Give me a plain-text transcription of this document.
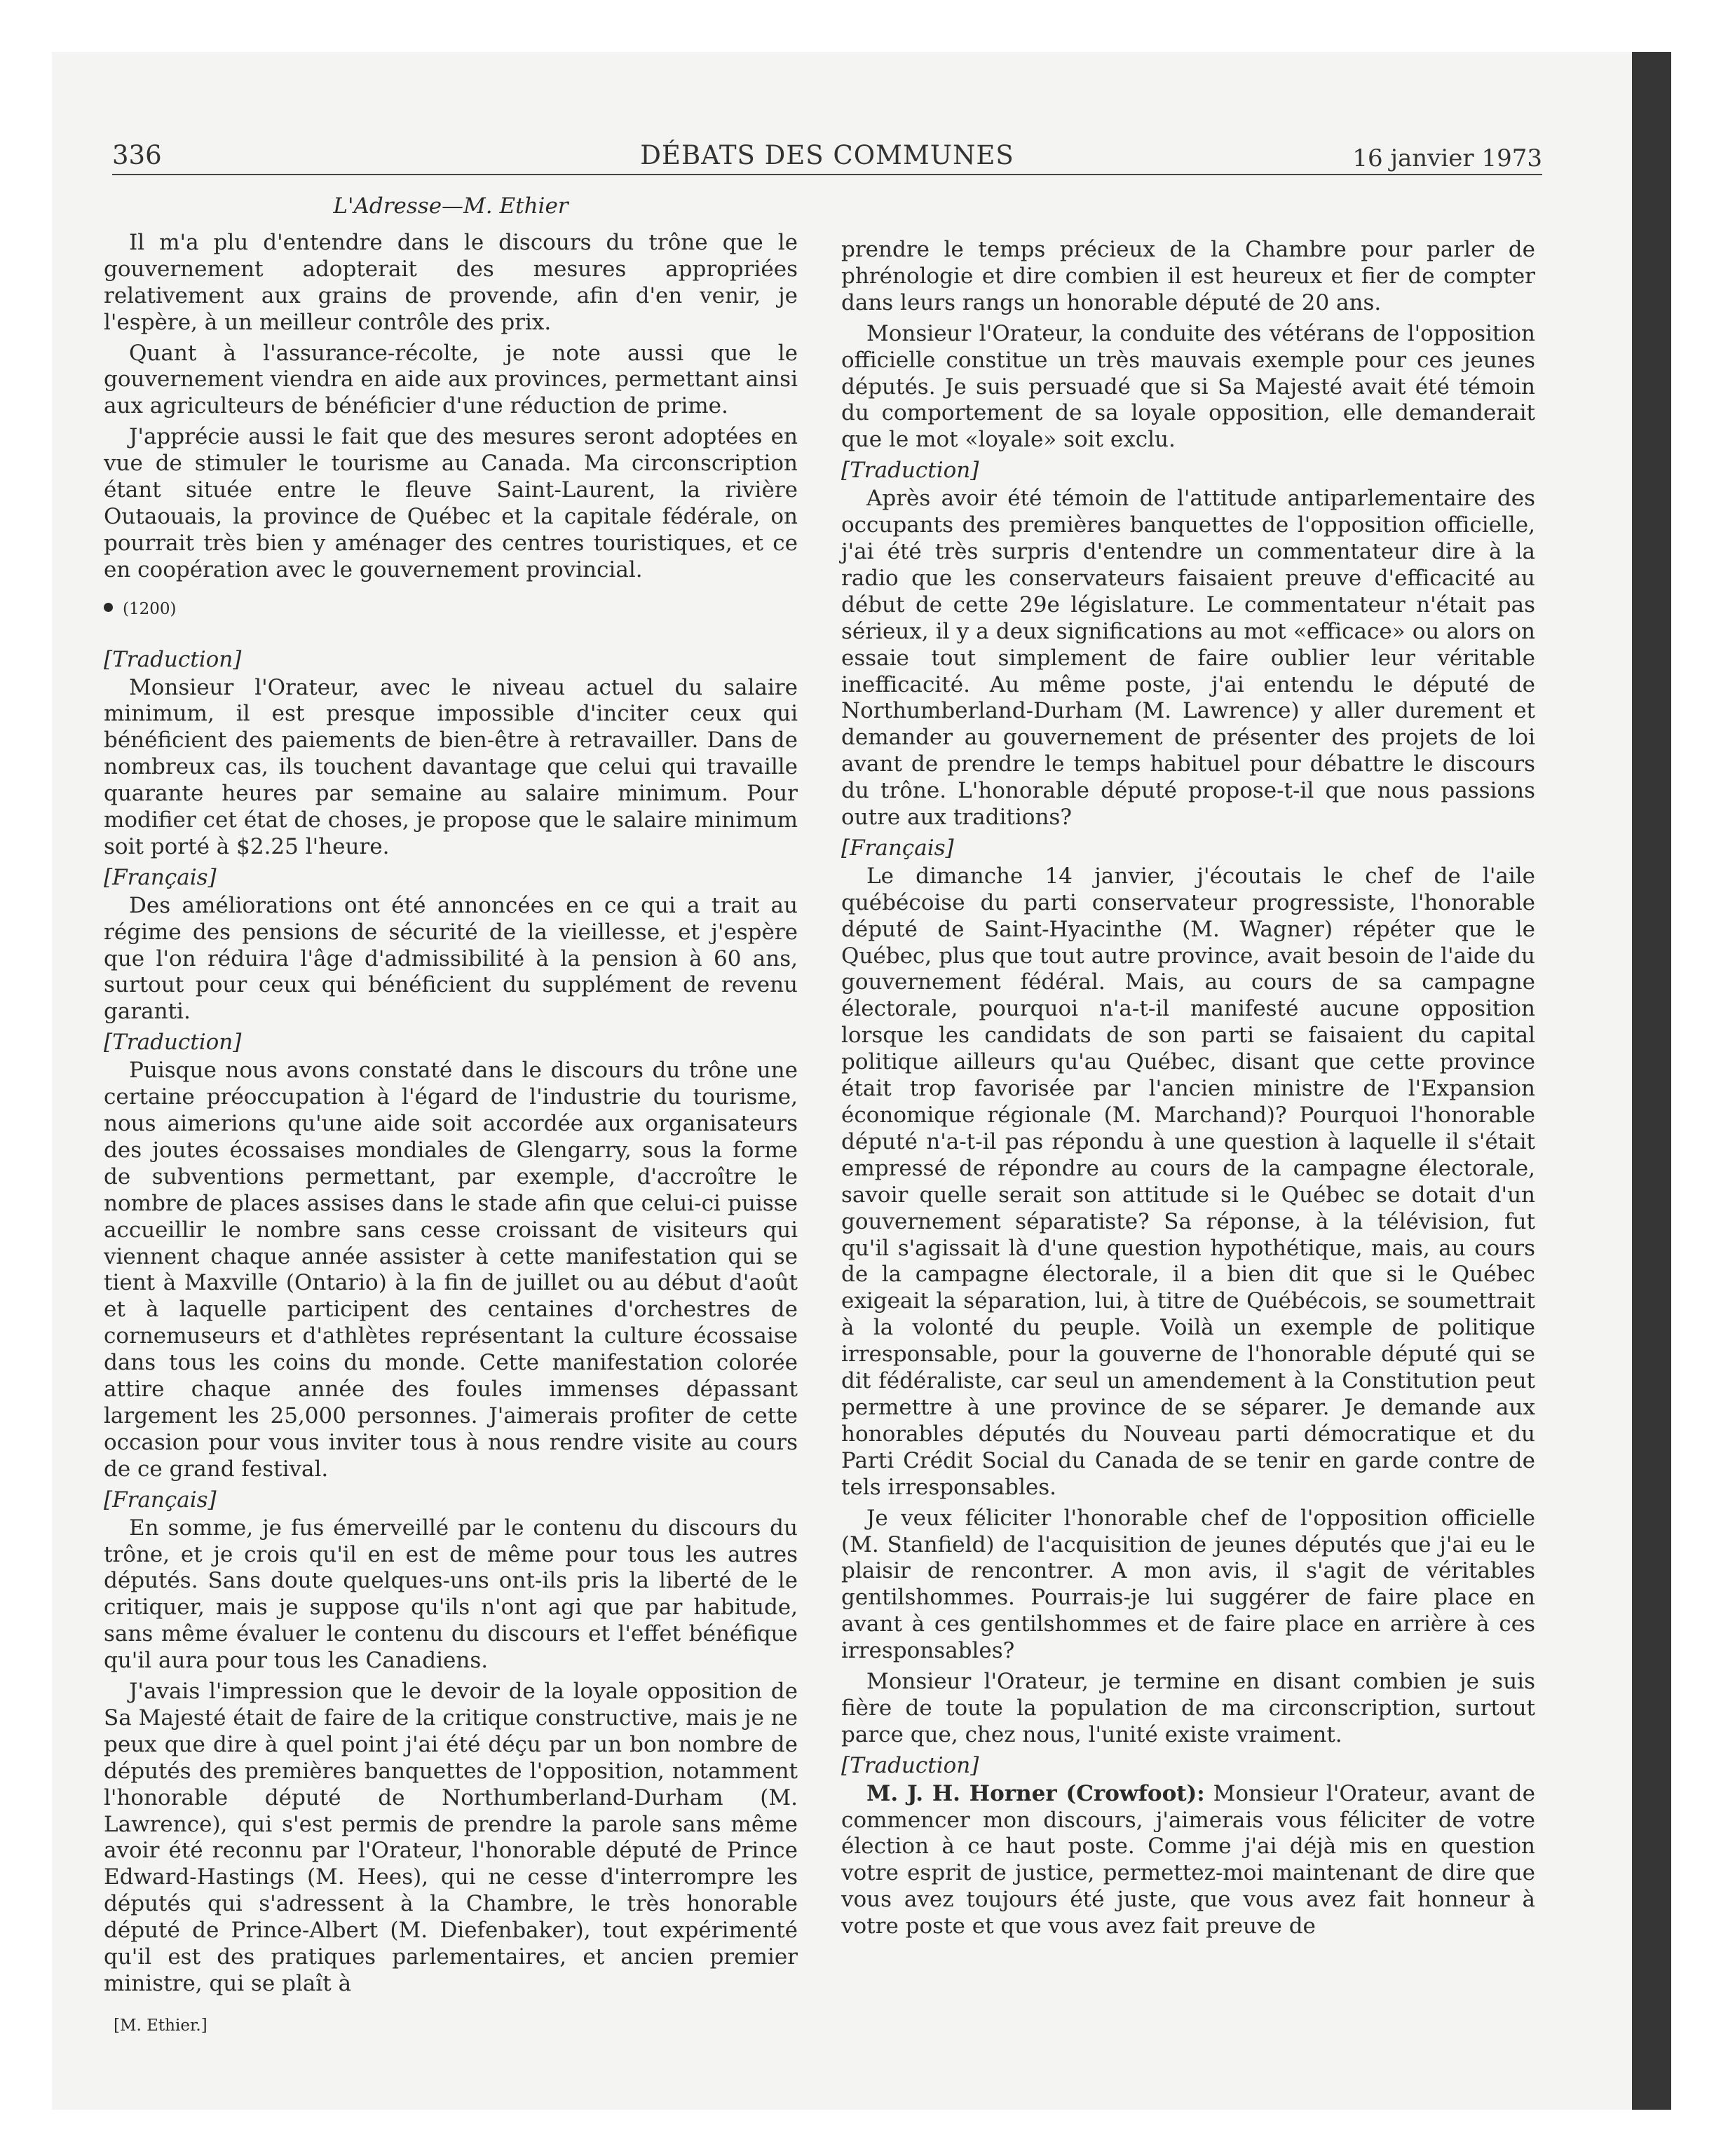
336	DÉBATS DES COMMUNES	16 janvier 1973
L'Adresse—M. Ethier

Il m'a plu d'entendre dans le discours du trône que le gouvernement adopterait des mesures appropriées relativement aux grains de provende, afin d'en venir, je l'espère, à un meilleur contrôle des prix.

Quant à l'assurance-récolte, je note aussi que le gouvernement viendra en aide aux provinces, permettant ainsi aux agriculteurs de bénéficier d'une réduction de prime.

J'apprécie aussi le fait que des mesures seront adoptées en vue de stimuler le tourisme au Canada. Ma circonscription étant située entre le fleuve Saint-Laurent, la rivière Outaouais, la province de Québec et la capitale fédérale, on pourrait très bien y aménager des centres touristiques, et ce en coopération avec le gouvernement provincial.

(1200)
[Traduction]

Monsieur l'Orateur, avec le niveau actuel du salaire minimum, il est presque impossible d'inciter ceux qui bénéficient des paiements de bien-être à retravailler. Dans de nombreux cas, ils touchent davantage que celui qui travaille quarante heures par semaine au salaire minimum. Pour modifier cet état de choses, je propose que le salaire minimum soit porté à $2.25 l'heure.

[Français]

Des améliorations ont été annoncées en ce qui a trait au régime des pensions de sécurité de la vieillesse, et j'espère que l'on réduira l'âge d'admissibilité à la pension à 60 ans, surtout pour ceux qui bénéficient du supplément de revenu garanti.

[Traduction]

Puisque nous avons constaté dans le discours du trône une certaine préoccupation à l'égard de l'industrie du tourisme, nous aimerions qu'une aide soit accordée aux organisateurs des joutes écossaises mondiales de Glengarry, sous la forme de subventions permettant, par exemple, d'accroître le nombre de places assises dans le stade afin que celui-ci puisse accueillir le nombre sans cesse croissant de visiteurs qui viennent chaque année assister à cette manifestation qui se tient à Maxville (Ontario) à la fin de juillet ou au début d'août et à laquelle participent des centaines d'orchestres de cornemuseurs et d'athlètes représentant la culture écossaise dans tous les coins du monde. Cette manifestation colorée attire chaque année des foules immenses dépassant largement les 25,000 personnes. J'aimerais profiter de cette occasion pour vous inviter tous à nous rendre visite au cours de ce grand festival.

[Français]

En somme, je fus émerveillé par le contenu du discours du trône, et je crois qu'il en est de même pour tous les autres députés. Sans doute quelques-uns ont-ils pris la liberté de le critiquer, mais je suppose qu'ils n'ont agi que par habitude, sans même évaluer le contenu du discours et l'effet bénéfique qu'il aura pour tous les Canadiens.

J'avais l'impression que le devoir de la loyale opposition de Sa Majesté était de faire de la critique constructive, mais je ne peux que dire à quel point j'ai été déçu par un bon nombre de députés des premières banquettes de l'opposition, notamment l'honorable député de Northumberland-Durham (M. Lawrence), qui s'est permis de prendre la parole sans même avoir été reconnu par l'Orateur, l'honorable député de Prince Edward-Hastings (M. Hees), qui ne cesse d'interrompre les députés qui s'adressent à la Chambre, le très honorable député de Prince-Albert (M. Diefenbaker), tout expérimenté qu'il est des pratiques parlementaires, et ancien premier ministre, qui se plaît à

[M. Ethier.]

prendre le temps précieux de la Chambre pour parler de phrénologie et dire combien il est heureux et fier de compter dans leurs rangs un honorable député de 20 ans.

Monsieur l'Orateur, la conduite des vétérans de l'opposition officielle constitue un très mauvais exemple pour ces jeunes députés. Je suis persuadé que si Sa Majesté avait été témoin du comportement de sa loyale opposition, elle demanderait que le mot «loyale» soit exclu.

[Traduction]

Après avoir été témoin de l'attitude antiparlementaire des occupants des premières banquettes de l'opposition officielle, j'ai été très surpris d'entendre un commentateur dire à la radio que les conservateurs faisaient preuve d'efficacité au début de cette 29e législature. Le commentateur n'était pas sérieux, il y a deux significations au mot «efficace» ou alors on essaie tout simplement de faire oublier leur véritable inefficacité. Au même poste, j'ai entendu le député de Northumberland-Durham (M. Lawrence) y aller durement et demander au gouvernement de présenter des projets de loi avant de prendre le temps habituel pour débattre le discours du trône. L'honorable député propose-t-il que nous passions outre aux traditions?

[Français]

Le dimanche 14 janvier, j'écoutais le chef de l'aile québécoise du parti conservateur progressiste, l'honorable député de Saint-Hyacinthe (M. Wagner) répéter que le Québec, plus que tout autre province, avait besoin de l'aide du gouvernement fédéral. Mais, au cours de sa campagne électorale, pourquoi n'a-t-il manifesté aucune opposition lorsque les candidats de son parti se faisaient du capital politique ailleurs qu'au Québec, disant que cette province était trop favorisée par l'ancien ministre de l'Expansion économique régionale (M. Marchand)? Pourquoi l'honorable député n'a-t-il pas répondu à une question à laquelle il s'était empressé de répondre au cours de la campagne électorale, savoir quelle serait son attitude si le Québec se dotait d'un gouvernement séparatiste? Sa réponse, à la télévision, fut qu'il s'agissait là d'une question hypothétique, mais, au cours de la campagne électorale, il a bien dit que si le Québec exigeait la séparation, lui, à titre de Québécois, se soumettrait à la volonté du peuple. Voilà un exemple de politique irresponsable, pour la gouverne de l'honorable député qui se dit fédéraliste, car seul un amendement à la Constitution peut permettre à une province de se séparer. Je demande aux honorables députés du Nouveau parti démocratique et du Parti Crédit Social du Canada de se tenir en garde contre de tels irresponsables.

Je veux féliciter l'honorable chef de l'opposition officielle (M. Stanfield) de l'acquisition de jeunes députés que j'ai eu le plaisir de rencontrer. A mon avis, il s'agit de véritables gentilshommes. Pourrais-je lui suggérer de faire place en avant à ces gentilshommes et de faire place en arrière à ces irresponsables?

Monsieur l'Orateur, je termine en disant combien je suis fière de toute la population de ma circonscription, surtout parce que, chez nous, l'unité existe vraiment.

[Traduction]

M. J. H. Horner (Crowfoot): Monsieur l'Orateur, avant de commencer mon discours, j'aimerais vous féliciter de votre élection à ce haut poste. Comme j'ai déjà mis en question votre esprit de justice, permettez-moi maintenant de dire que vous avez toujours été juste, que vous avez fait honneur à votre poste et que vous avez fait preuve de
